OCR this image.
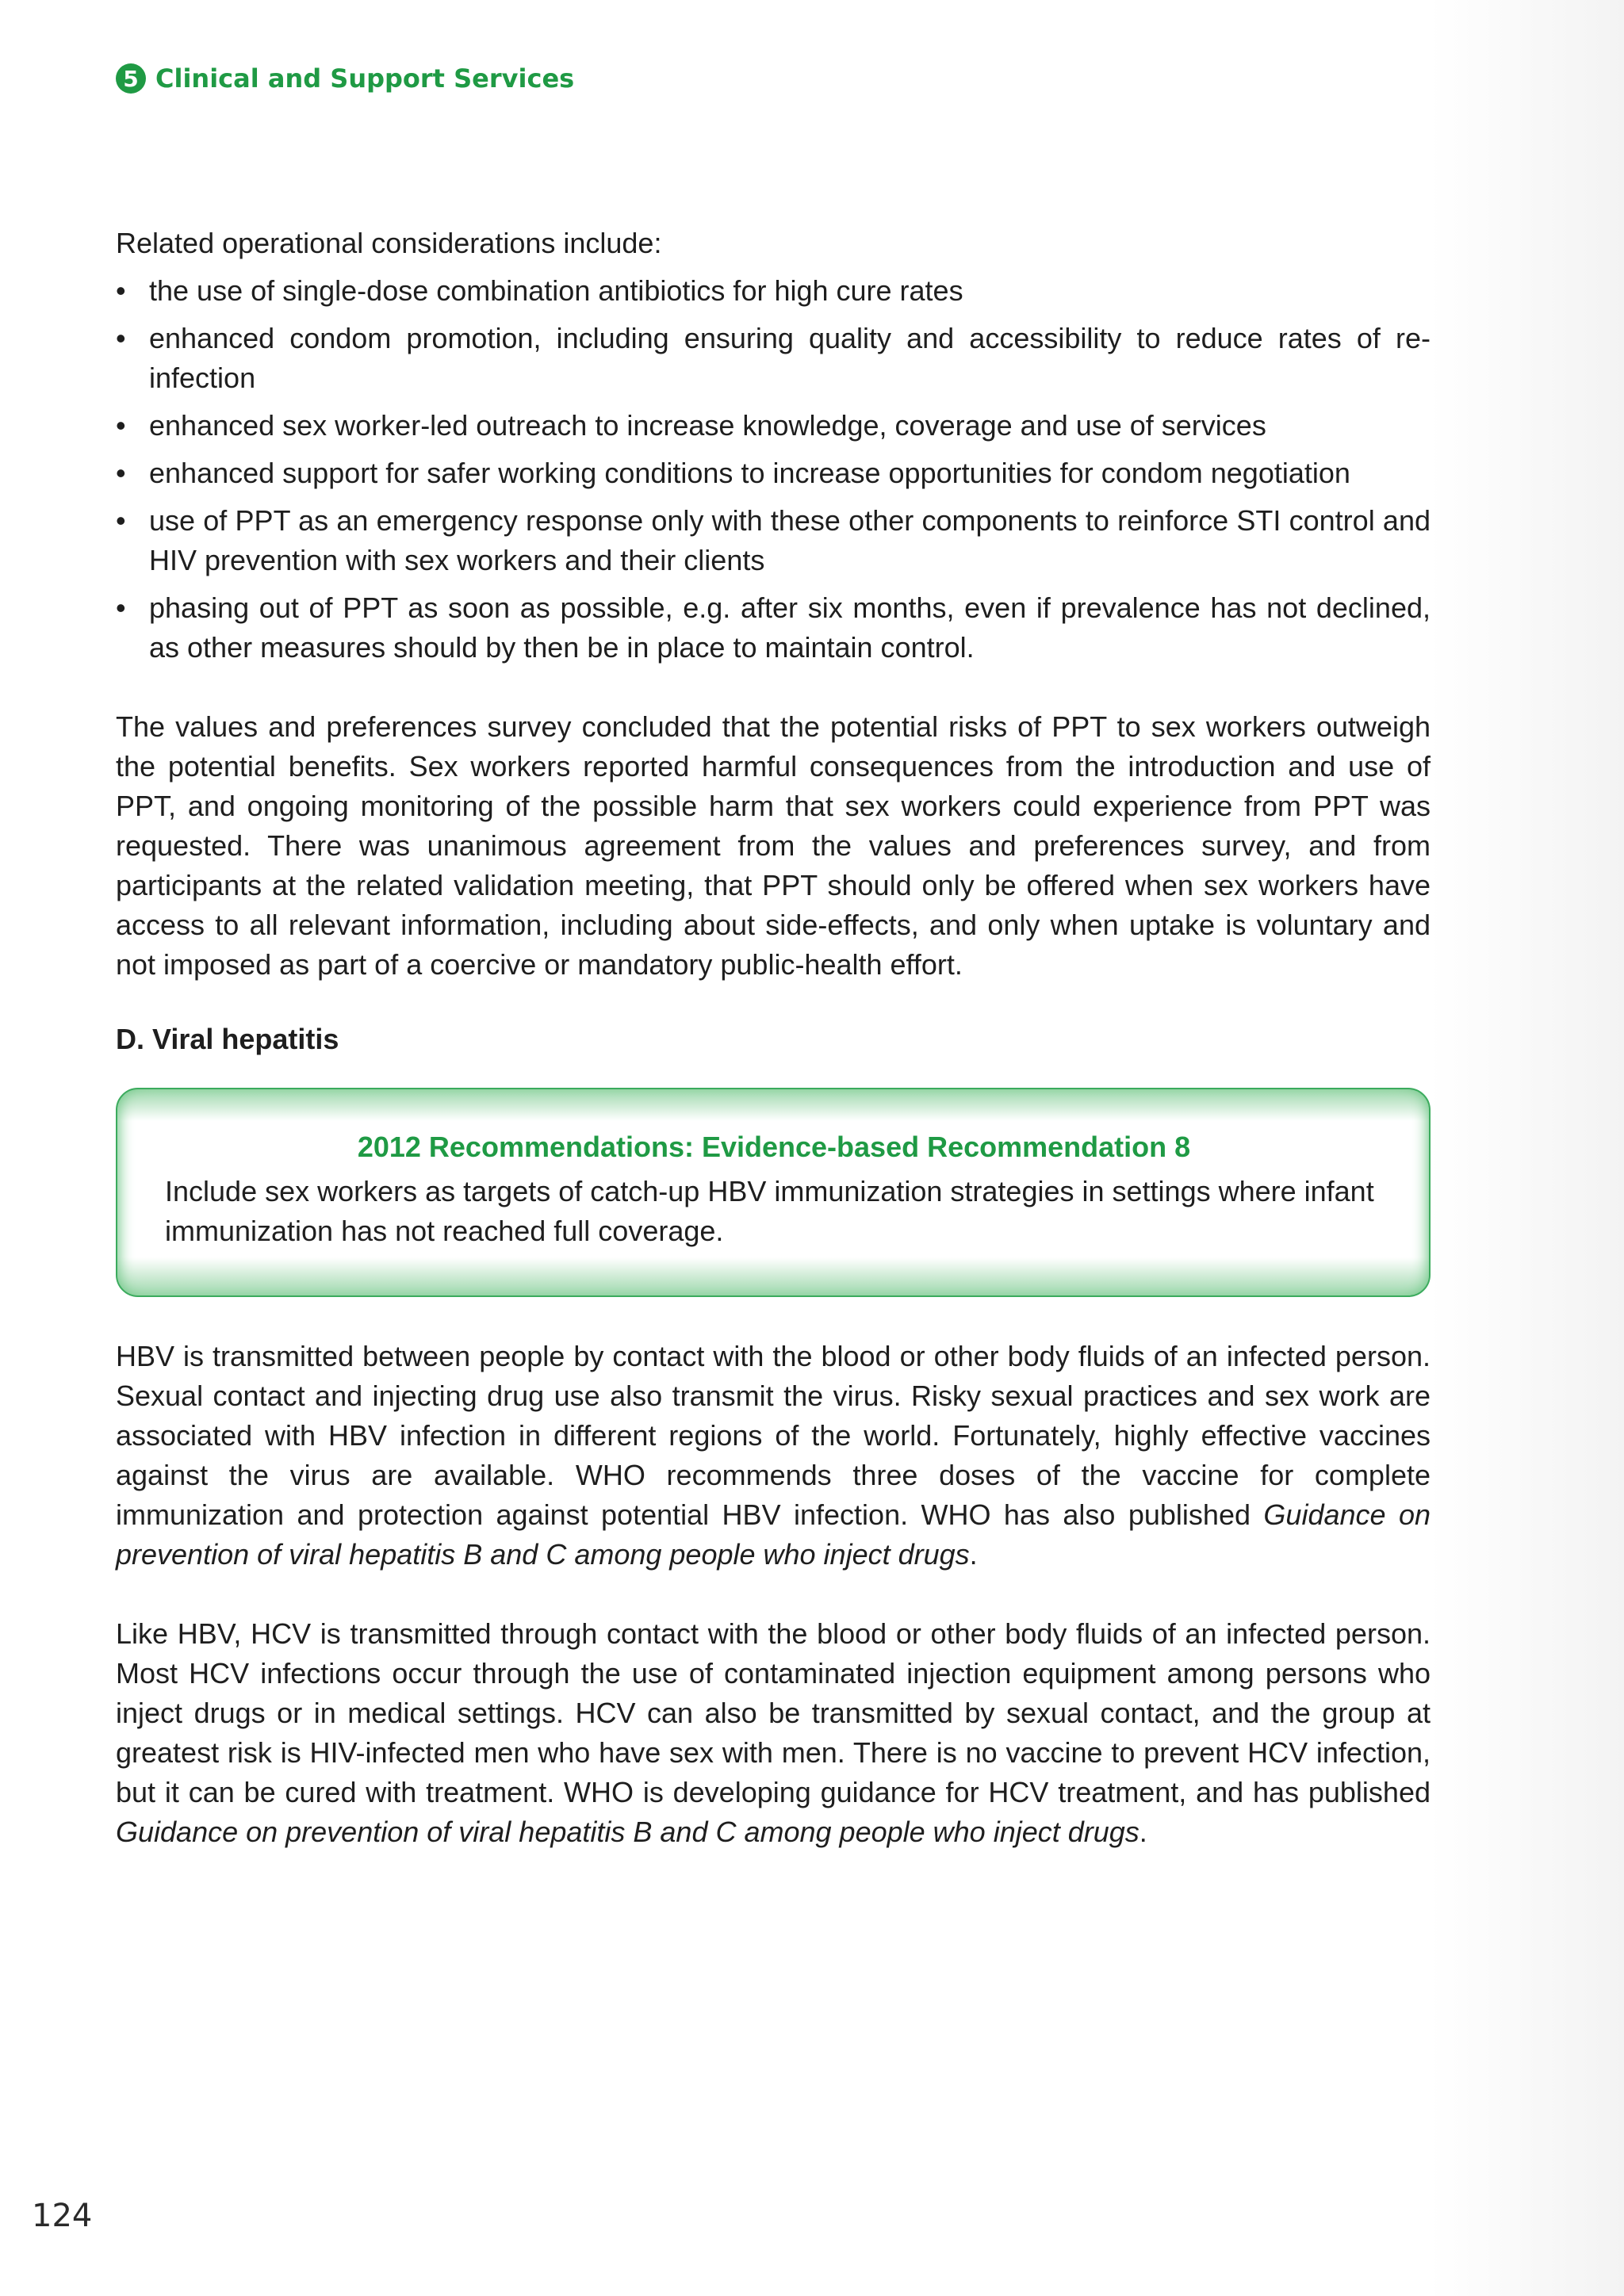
5 Clinical and Support Services

Related operational considerations include:

• the use of single-dose combination antibiotics for high cure rates
• enhanced condom promotion, including ensuring quality and accessibility to reduce rates of re-infection
• enhanced sex worker-led outreach to increase knowledge, coverage and use of services
• enhanced support for safer working conditions to increase opportunities for condom negotiation
• use of PPT as an emergency response only with these other components to reinforce STI control and HIV prevention with sex workers and their clients
• phasing out of PPT as soon as possible, e.g. after six months, even if prevalence has not declined, as other measures should by then be in place to maintain control.

The values and preferences survey concluded that the potential risks of PPT to sex workers outweigh the potential benefits. Sex workers reported harmful consequences from the introduction and use of PPT, and ongoing monitoring of the possible harm that sex workers could experience from PPT was requested. There was unanimous agreement from the values and preferences survey, and from participants at the related validation meeting, that PPT should only be offered when sex workers have access to all relevant information, including about side-effects, and only when uptake is voluntary and not imposed as part of a coercive or mandatory public-health effort.

D. Viral hepatitis

2012 Recommendations: Evidence-based Recommendation 8

Include sex workers as targets of catch-up HBV immunization strategies in settings where infant immunization has not reached full coverage.

HBV is transmitted between people by contact with the blood or other body fluids of an infected person. Sexual contact and injecting drug use also transmit the virus. Risky sexual practices and sex work are associated with HBV infection in different regions of the world. Fortunately, highly effective vaccines against the virus are available. WHO recommends three doses of the vaccine for complete immunization and protection against potential HBV infection. WHO has also published Guidance on prevention of viral hepatitis B and C among people who inject drugs.

Like HBV, HCV is transmitted through contact with the blood or other body fluids of an infected person. Most HCV infections occur through the use of contaminated injection equipment among persons who inject drugs or in medical settings. HCV can also be transmitted by sexual contact, and the group at greatest risk is HIV-infected men who have sex with men. There is no vaccine to prevent HCV infection, but it can be cured with treatment. WHO is developing guidance for HCV treatment, and has published Guidance on prevention of viral hepatitis B and C among people who inject drugs.

124
